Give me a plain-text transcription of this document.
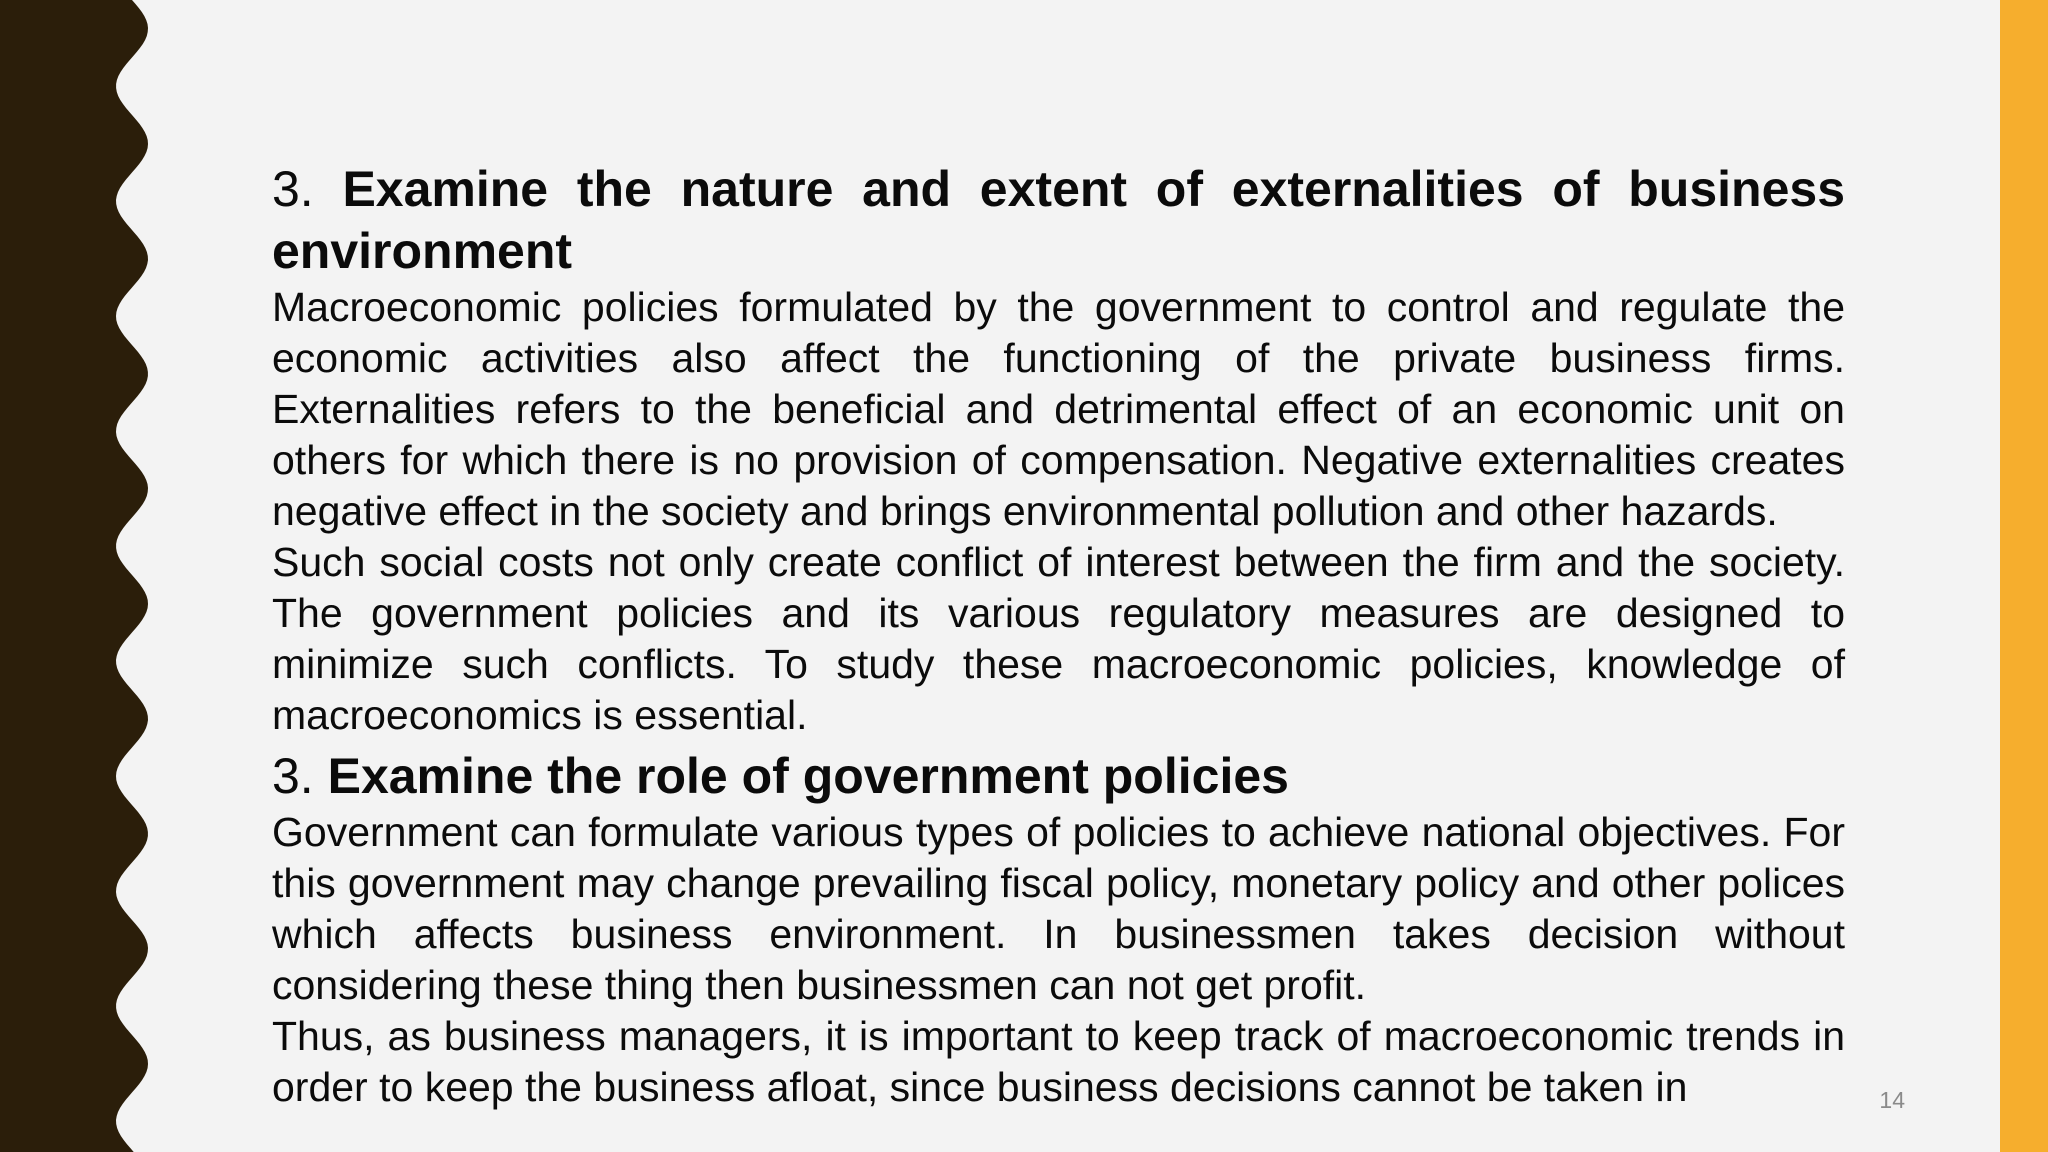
3. Examine the nature and extent of externalities of business environment

Macroeconomic policies formulated by the government to control and regulate the economic activities also affect the functioning of the private business firms. Externalities refers to the beneficial and detrimental effect of an economic unit on others for which there is no provision of compensation. Negative externalities creates negative effect in the society and brings environmental pollution and other hazards.

Such social costs not only create conflict of interest between the firm and the society. The government policies and its various regulatory measures are designed to minimize such conflicts. To study these macroeconomic policies, knowledge of macroeconomics is essential.

3. Examine the role of government policies

Government can formulate various types of policies to achieve national objectives. For this government may change prevailing fiscal policy, monetary policy and other polices which affects business environment. In businessmen takes decision without considering these thing then businessmen can not get profit.

Thus, as business managers, it is important to keep track of macroeconomic trends in order to keep the business afloat, since business decisions cannot be taken in	14
